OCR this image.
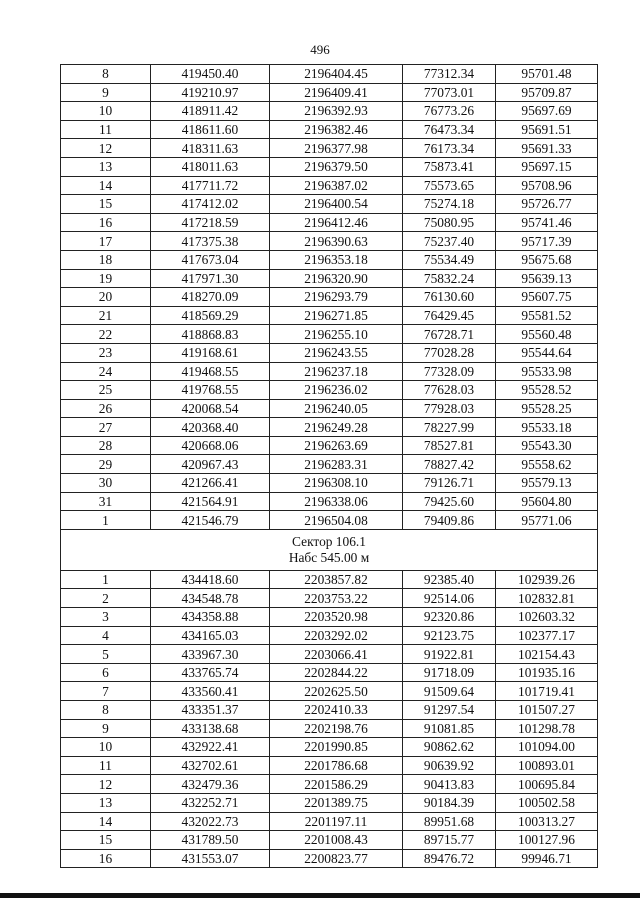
496
8	419450.40	2196404.45	77312.34	95701.48
9	419210.97	2196409.41	77073.01	95709.87
10	418911.42	2196392.93	76773.26	95697.69
11	418611.60	2196382.46	76473.34	95691.51
12	418311.63	2196377.98	76173.34	95691.33
13	418011.63	2196379.50	75873.41	95697.15
14	417711.72	2196387.02	75573.65	95708.96
15	417412.02	2196400.54	75274.18	95726.77
16	417218.59	2196412.46	75080.95	95741.46
17	417375.38	2196390.63	75237.40	95717.39
18	417673.04	2196353.18	75534.49	95675.68
19	417971.30	2196320.90	75832.24	95639.13
20	418270.09	2196293.79	76130.60	95607.75
21	418569.29	2196271.85	76429.45	95581.52
22	418868.83	2196255.10	76728.71	95560.48
23	419168.61	2196243.55	77028.28	95544.64
24	419468.55	2196237.18	77328.09	95533.98
25	419768.55	2196236.02	77628.03	95528.52
26	420068.54	2196240.05	77928.03	95528.25
27	420368.40	2196249.28	78227.99	95533.18
28	420668.06	2196263.69	78527.81	95543.30
29	420967.43	2196283.31	78827.42	95558.62
30	421266.41	2196308.10	79126.71	95579.13
31	421564.91	2196338.06	79425.60	95604.80
1	421546.79	2196504.08	79409.86	95771.06

Сектор 106.1
Набс 545.00 м				

1	434418.60	2203857.82	92385.40	102939.26
2	434548.78	2203753.22	92514.06	102832.81
3	434358.88	2203520.98	92320.86	102603.32
4	434165.03	2203292.02	92123.75	102377.17
5	433967.30	2203066.41	91922.81	102154.43
6	433765.74	2202844.22	91718.09	101935.16
7	433560.41	2202625.50	91509.64	101719.41
8	433351.37	2202410.33	91297.54	101507.27
9	433138.68	2202198.76	91081.85	101298.78
10	432922.41	2201990.85	90862.62	101094.00
11	432702.61	2201786.68	90639.92	100893.01
12	432479.36	2201586.29	90413.83	100695.84
13	432252.71	2201389.75	90184.39	100502.58
14	432022.73	2201197.11	89951.68	100313.27
15	431789.50	2201008.43	89715.77	100127.96
16	431553.07	2200823.77	89476.72	99946.71
